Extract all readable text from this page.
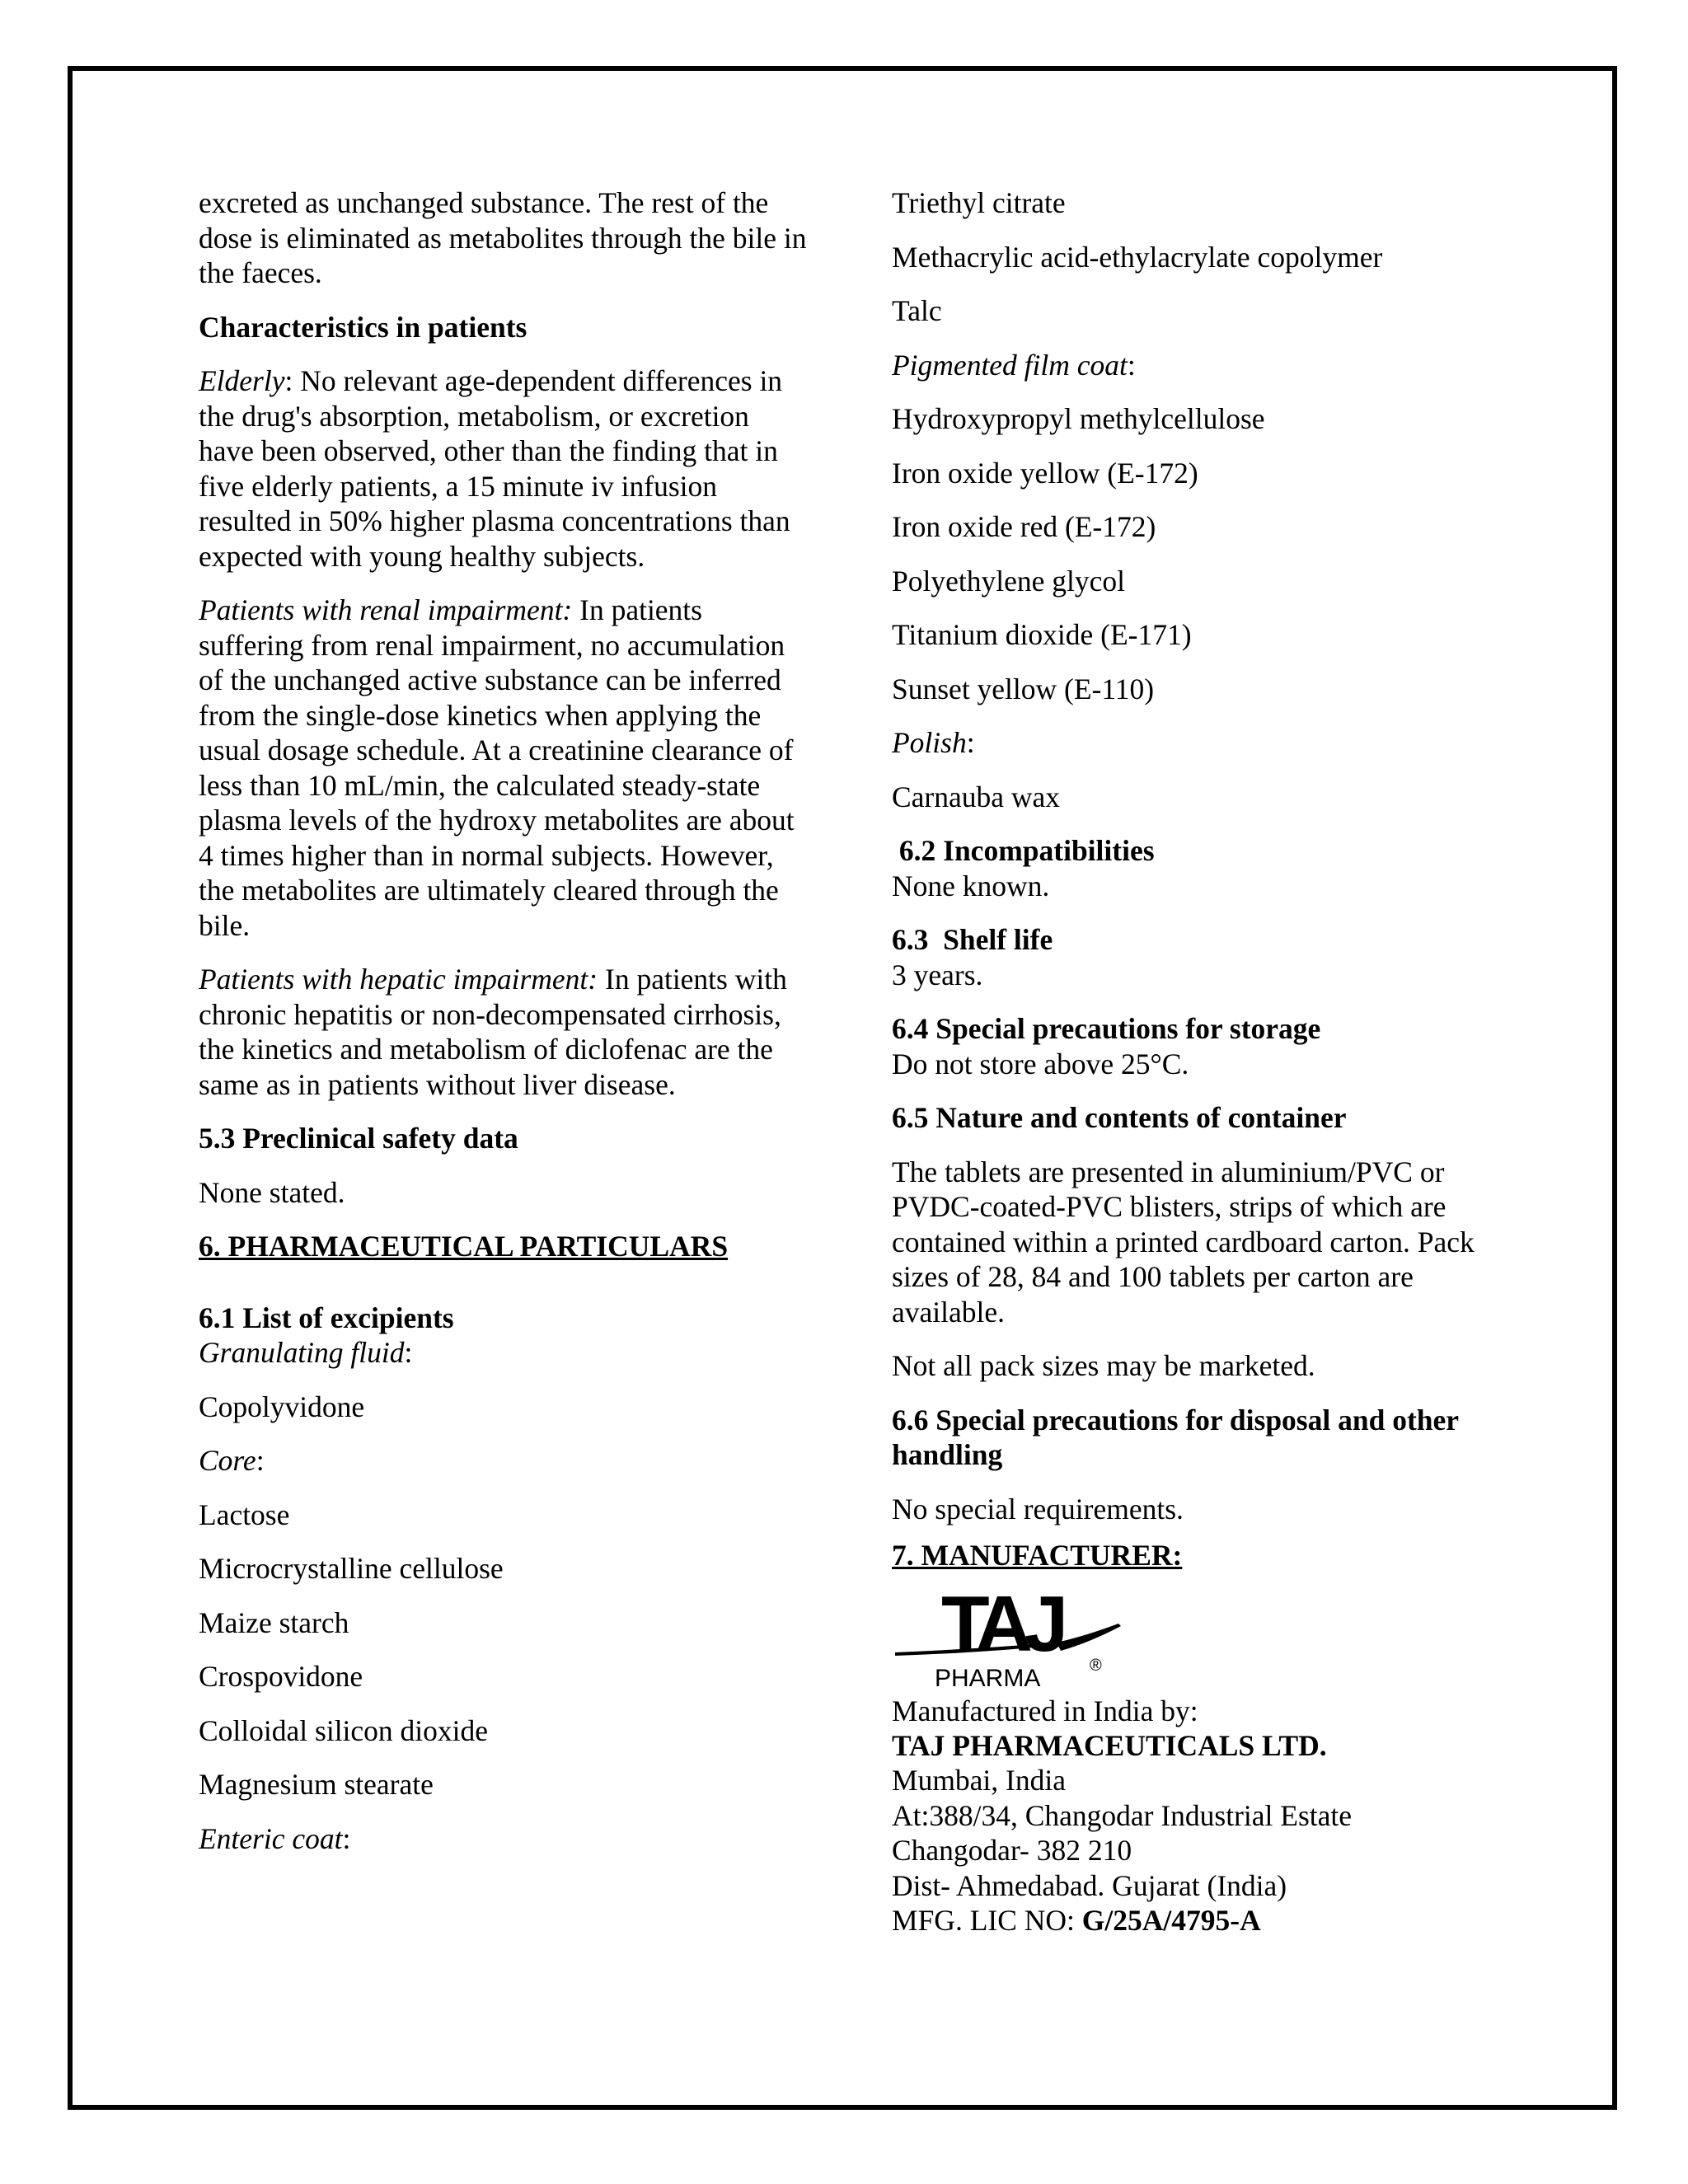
excreted as unchanged substance. The rest of the dose is eliminated as metabolites through the bile in the faeces.

Characteristics in patients

Elderly: No relevant age-dependent differences in the drug's absorption, metabolism, or excretion have been observed, other than the finding that in five elderly patients, a 15 minute iv infusion resulted in 50% higher plasma concentrations than expected with young healthy subjects.

Patients with renal impairment: In patients suffering from renal impairment, no accumulation of the unchanged active substance can be inferred from the single-dose kinetics when applying the usual dosage schedule. At a creatinine clearance of less than 10 mL/min, the calculated steady-state plasma levels of the hydroxy metabolites are about 4 times higher than in normal subjects. However, the metabolites are ultimately cleared through the bile.

Patients with hepatic impairment: In patients with chronic hepatitis or non-decompensated cirrhosis, the kinetics and metabolism of diclofenac are the same as in patients without liver disease.

5.3 Preclinical safety data

None stated.

6. PHARMACEUTICAL PARTICULARS

6.1 List of excipients

Granulating fluid:

Copolyvidone

Core:

Lactose

Microcrystalline cellulose

Maize starch

Crospovidone

Colloidal silicon dioxide

Magnesium stearate

Enteric coat:

Triethyl citrate

Methacrylic acid-ethylacrylate copolymer

Talc

Pigmented film coat:

Hydroxypropyl methylcellulose

Iron oxide yellow (E-172)

Iron oxide red (E-172)

Polyethylene glycol

Titanium dioxide (E-171)

Sunset yellow (E-110)

Polish:

Carnauba wax

6.2 Incompatibilities

None known.

6.3  Shelf life

3 years.

6.4 Special precautions for storage

Do not store above 25°C.

6.5 Nature and contents of container

The tablets are presented in aluminium/PVC or PVDC-coated-PVC blisters, strips of which are contained within a printed cardboard carton. Pack sizes of 28, 84 and 100 tablets per carton are available.

Not all pack sizes may be marketed.

6.6 Special precautions for disposal and other handling

No special requirements.

7. MANUFACTURER:

TAJ
PHARMA	®

Manufactured in India by:

TAJ PHARMACEUTICALS LTD.

Mumbai, India

At:388/34, Changodar Industrial Estate

Changodar- 382 210

Dist- Ahmedabad. Gujarat (India)

MFG. LIC NO: G/25A/4795-A
